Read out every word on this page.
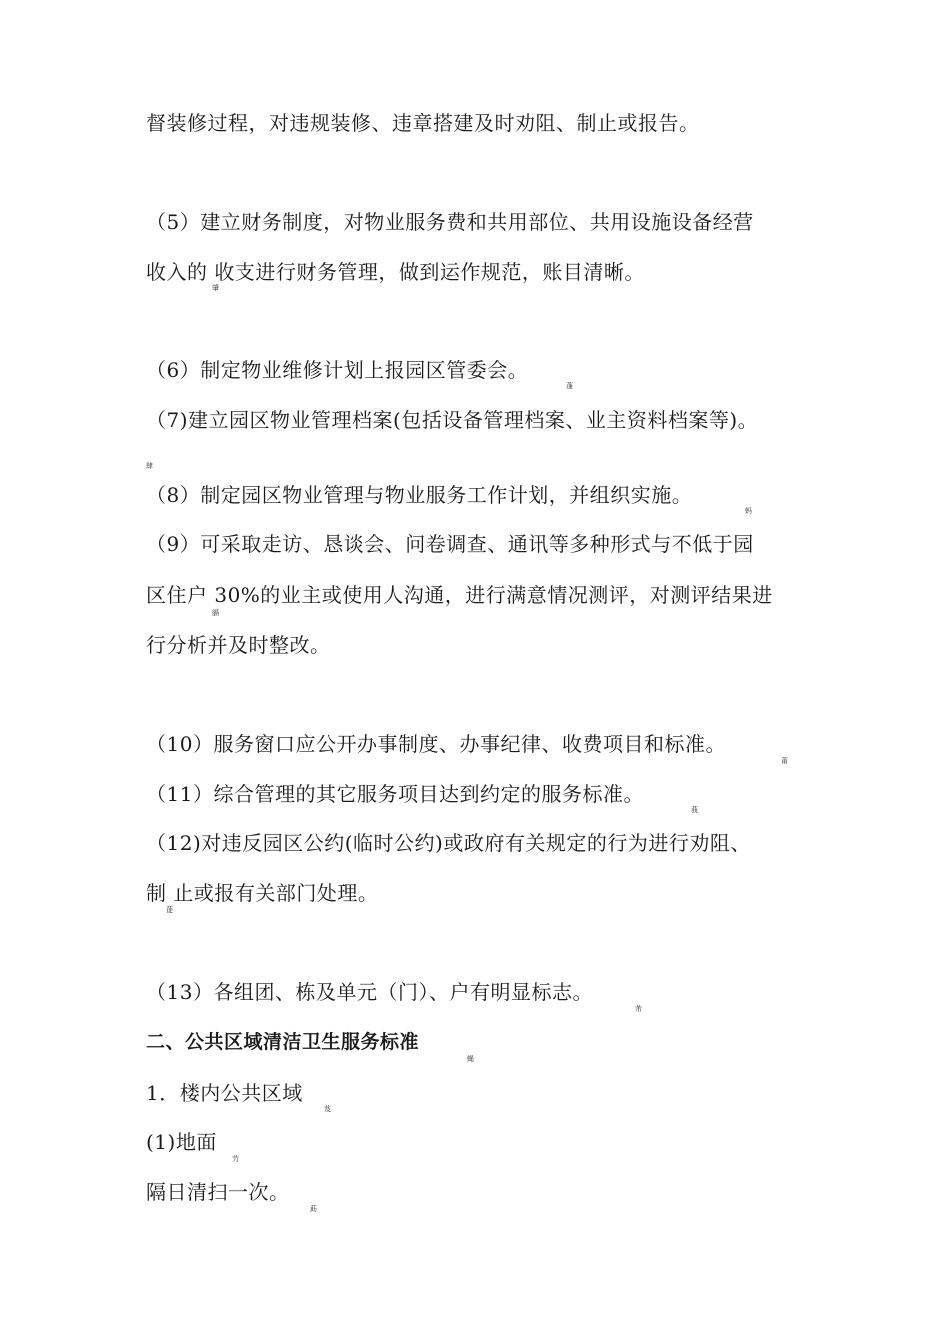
督装修过程，对违规装修、违章搭建及时劝阻、制止或报告。
（5）建立财务制度，对物业服务费和共用部位、共用设施设备经营
收入的 收支进行财务管理，做到运作规范，账目清晰。
（6）制定物业维修计划上报园区管委会。
（7)建立园区物业管理档案(包括设备管理档案、业主资料档案等)。
（8）制定园区物业管理与物业服务工作计划，并组织实施。
（9）可采取走访、恳谈会、问卷调查、通讯等多种形式与不低于园
区住户 30%的业主或使用人沟通，进行满意情况测评，对测评结果进
行分析并及时整改。
（10）服务窗口应公开办事制度、办事纪律、收费项目和标准。
（11）综合管理的其它服务项目达到约定的服务标准。
（12)对违反园区公约(临时公约)或政府有关规定的行为进行劝阻、
制 止或报有关部门处理。
（13）各组团、栋及单元（门）、户有明显标志。
二、公共区域清洁卫生服务标准
1．楼内公共区域
(1)地面
隔日清扫一次。
肇
蓬
肆
蚂
膈
莆
莪
蓰
芾
蝇
芨
芀
莇
